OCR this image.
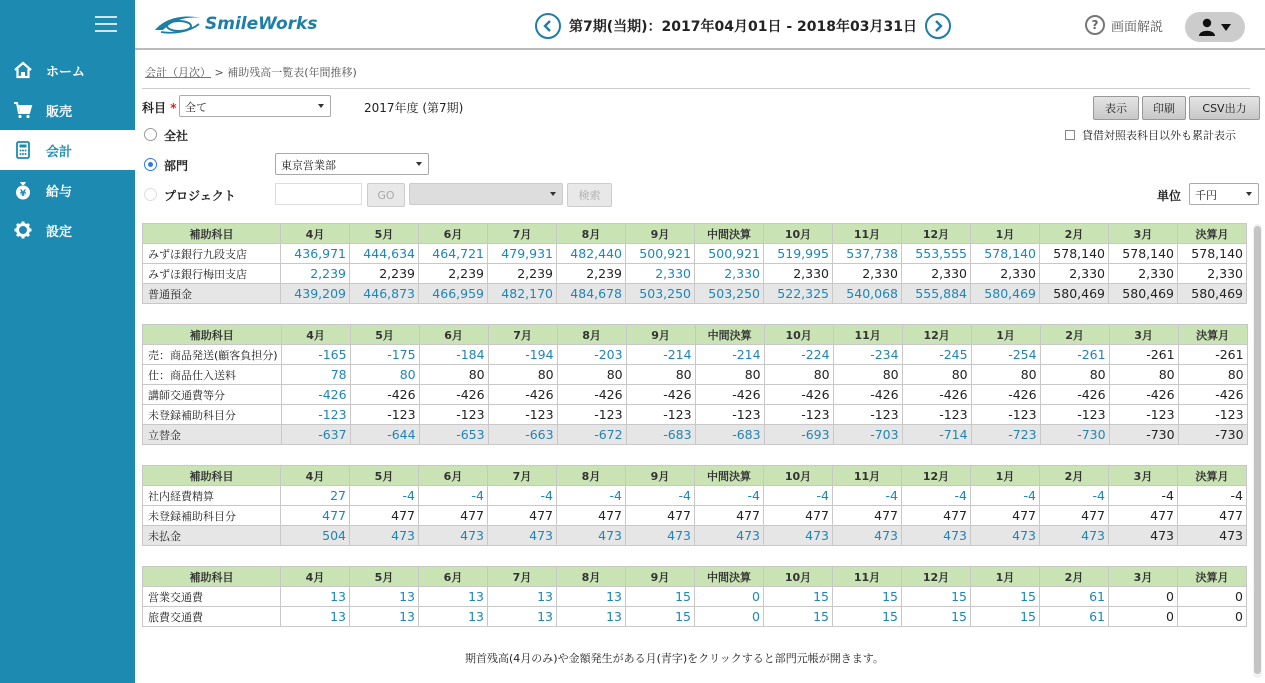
ホーム
販売
会計
¥ 給与
設定
SmileWorks	第7期(当期)：2017年04月01日 - 2018年03月31日	? 画面解説
会計（月次） > 補助残高一覧表(年間推移)
科目 * 全て	2017年度 (第7期)	表示	印刷	CSV出力
全社	貸借対照表科目以外も累計表示
部門	東京営業部
プロジェクト	GO	検索	単位	千円
補助科目	4月	5月	6月	7月	8月	9月	中間決算	10月	11月	12月	1月	2月	3月	決算月
みずほ銀行九段支店	436,971	444,634	464,721	479,931	482,440	500,921	500,921	519,995	537,738	553,555	578,140	578,140	578,140	578,140
みずほ銀行梅田支店	2,239	2,239	2,239	2,239	2,239	2,330	2,330	2,330	2,330	2,330	2,330	2,330	2,330	2,330
普通預金	439,209	446,873	466,959	482,170	484,678	503,250	503,250	522,325	540,068	555,884	580,469	580,469	580,469	580,469
補助科目	4月	5月	6月	7月	8月	9月	中間決算	10月	11月	12月	1月	2月	3月	決算月
売：商品発送(顧客負担分)	-165	-175	-184	-194	-203	-214	-214	-224	-234	-245	-254	-261	-261	-261
仕：商品仕入送料	78	80	80	80	80	80	80	80	80	80	80	80	80	80
講師交通費等分	-426	-426	-426	-426	-426	-426	-426	-426	-426	-426	-426	-426	-426	-426
未登録補助科目分	-123	-123	-123	-123	-123	-123	-123	-123	-123	-123	-123	-123	-123	-123
立替金	-637	-644	-653	-663	-672	-683	-683	-693	-703	-714	-723	-730	-730	-730
補助科目	4月	5月	6月	7月	8月	9月	中間決算	10月	11月	12月	1月	2月	3月	決算月
社内経費精算	27	-4	-4	-4	-4	-4	-4	-4	-4	-4	-4	-4	-4	-4
未登録補助科目分	477	477	477	477	477	477	477	477	477	477	477	477	477	477
未払金	504	473	473	473	473	473	473	473	473	473	473	473	473	473
補助科目	4月	5月	6月	7月	8月	9月	中間決算	10月	11月	12月	1月	2月	3月	決算月
営業交通費	13	13	13	13	13	15	0	15	15	15	15	61	0	0
旅費交通費	13	13	13	13	13	15	0	15	15	15	15	61	0	0
期首残高(4月のみ)や金額発生がある月(青字)をクリックすると部門元帳が開きます。
